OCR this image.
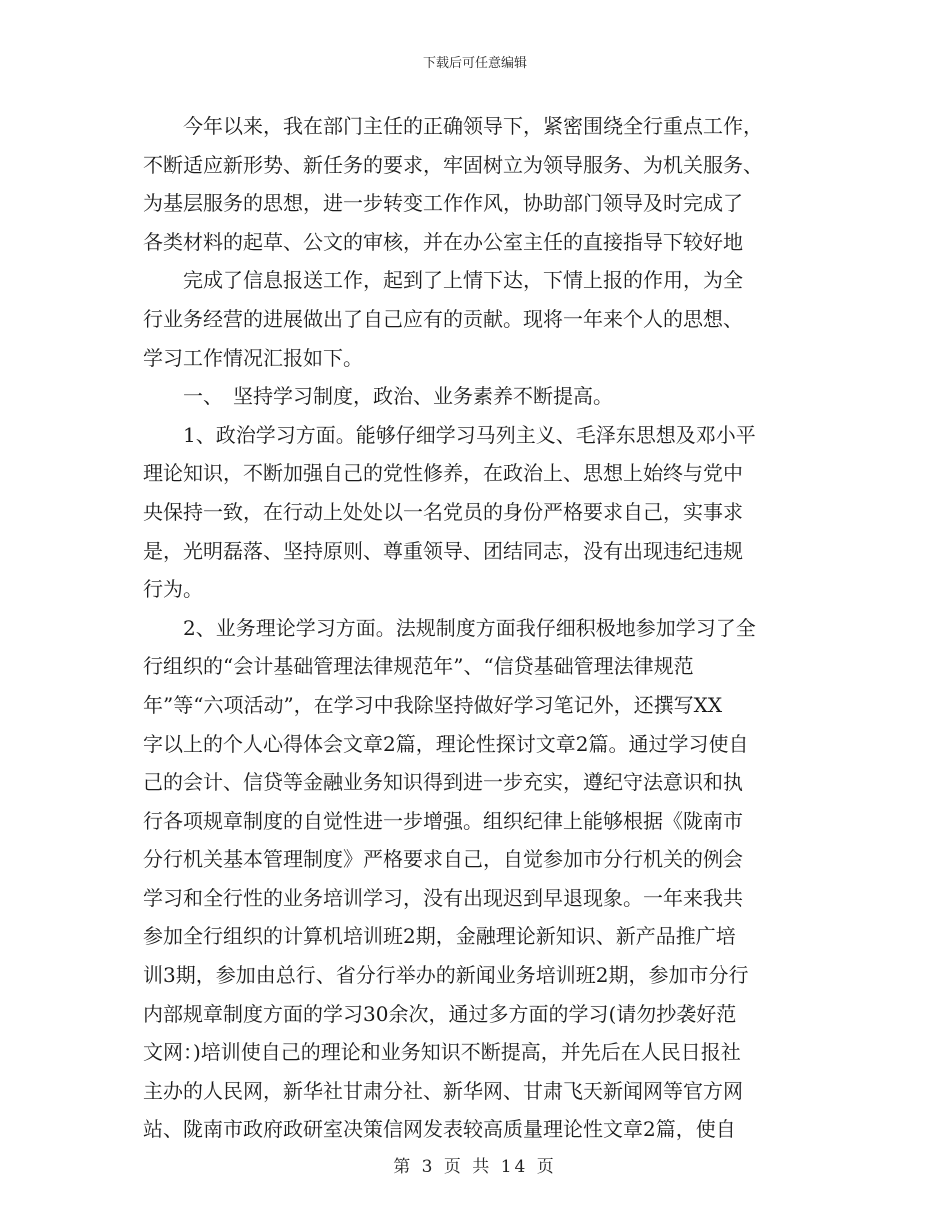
下载后可任意编辑
　　今年以来，我在部门主任的正确领导下，紧密围绕全行重点工作，
不断适应新形势、新任务的要求，牢固树立为领导服务、为机关服务、
为基层服务的思想，进一步转变工作作风，协助部门领导及时完成了
各类材料的起草、公文的审核，并在办公室主任的直接指导下较好地
　　完成了信息报送工作，起到了上情下达，下情上报的作用，为全
行业务经营的进展做出了自己应有的贡献。现将一年来个人的思想、
学习工作情况汇报如下。
　　一、　坚持学习制度，政治、业务素养不断提高。
　　1、政治学习方面。能够仔细学习马列主义、毛泽东思想及邓小平
理论知识，不断加强自己的党性修养，在政治上、思想上始终与党中
央保持一致，在行动上处处以一名党员的身份严格要求自己，实事求
是，光明磊落、坚持原则、尊重领导、团结同志，没有出现违纪违规
行为。
　　2、业务理论学习方面。法规制度方面我仔细积极地参加学习了全
行组织的“会计基础管理法律规范年”、“信贷基础管理法律规范
年”等“六项活动”，在学习中我除坚持做好学习笔记外，还撰写XX
字以上的个人心得体会文章2篇，理论性探讨文章2篇。通过学习使自
己的会计、信贷等金融业务知识得到进一步充实，遵纪守法意识和执
行各项规章制度的自觉性进一步增强。组织纪律上能够根据《陇南市
分行机关基本管理制度》严格要求自己，自觉参加市分行机关的例会
学习和全行性的业务培训学习，没有出现迟到早退现象。一年来我共
参加全行组织的计算机培训班2期，金融理论新知识、新产品推广培
训3期，参加由总行、省分行举办的新闻业务培训班2期，参加市分行
内部规章制度方面的学习30余次，通过多方面的学习(请勿抄袭好范
文网：)培训使自己的理论和业务知识不断提高，并先后在人民日报社
主办的人民网，新华社甘肃分社、新华网、甘肃飞天新闻网等官方网
站、陇南市政府政研室决策信网发表较高质量理论性文章2篇，使自
第 3 页 共 14 页
